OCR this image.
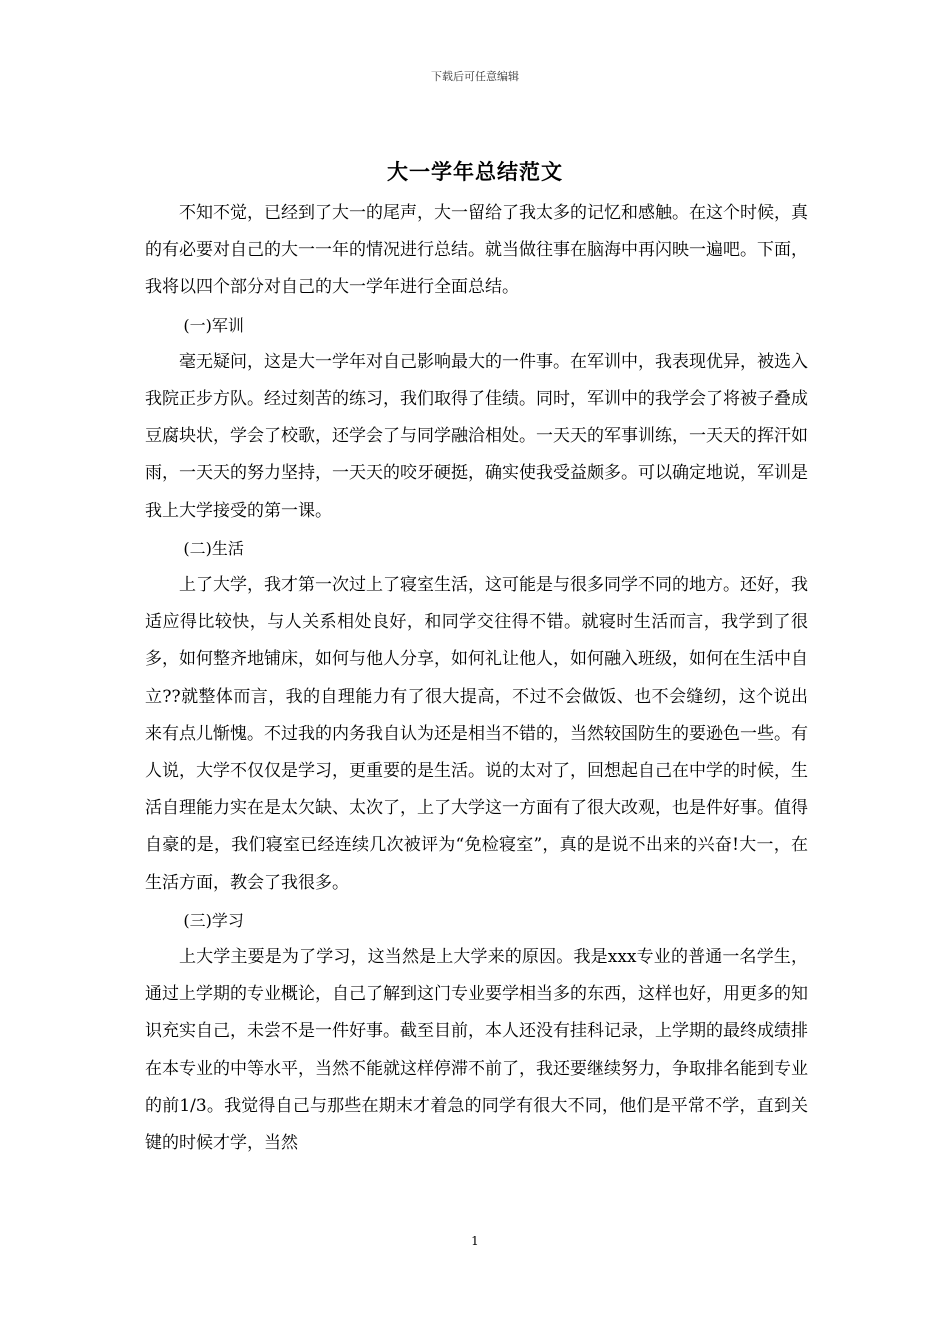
下载后可任意编辑
大一学年总结范文

不知不觉，已经到了大一的尾声，大一留给了我太多的记忆和感触。在这个时候，真的有必要对自己的大一一年的情况进行总结。就当做往事在脑海中再闪映一遍吧。下面，我将以四个部分对自己的大一学年进行全面总结。

(一)军训

毫无疑问，这是大一学年对自己影响最大的一件事。在军训中，我表现优异，被选入我院正步方队。经过刻苦的练习，我们取得了佳绩。同时，军训中的我学会了将被子叠成豆腐块状，学会了校歌，还学会了与同学融洽相处。一天天的军事训练，一天天的挥汗如雨，一天天的努力坚持，一天天的咬牙硬挺，确实使我受益颇多。可以确定地说，军训是我上大学接受的第一课。

(二)生活

上了大学，我才第一次过上了寝室生活，这可能是与很多同学不同的地方。还好，我适应得比较快，与人关系相处良好，和同学交往得不错。就寝时生活而言，我学到了很多，如何整齐地铺床，如何与他人分享，如何礼让他人，如何融入班级，如何在生活中自立??就整体而言，我的自理能力有了很大提高，不过不会做饭、也不会缝纫，这个说出来有点儿惭愧。不过我的内务我自认为还是相当不错的，当然较国防生的要逊色一些。有人说，大学不仅仅是学习，更重要的是生活。说的太对了，回想起自己在中学的时候，生活自理能力实在是太欠缺、太次了，上了大学这一方面有了很大改观，也是件好事。值得自豪的是，我们寝室已经连续几次被评为“免检寝室”，真的是说不出来的兴奋!大一，在生活方面，教会了我很多。

(三)学习

上大学主要是为了学习，这当然是上大学来的原因。我是xxx专业的普通一名学生，通过上学期的专业概论，自己了解到这门专业要学相当多的东西，这样也好，用更多的知识充实自己，未尝不是一件好事。截至目前，本人还没有挂科记录，上学期的最终成绩排在本专业的中等水平，当然不能就这样停滞不前了，我还要继续努力，争取排名能到专业的前1/3。我觉得自己与那些在期末才着急的同学有很大不同，他们是平常不学，直到关键的时候才学，当然

1
